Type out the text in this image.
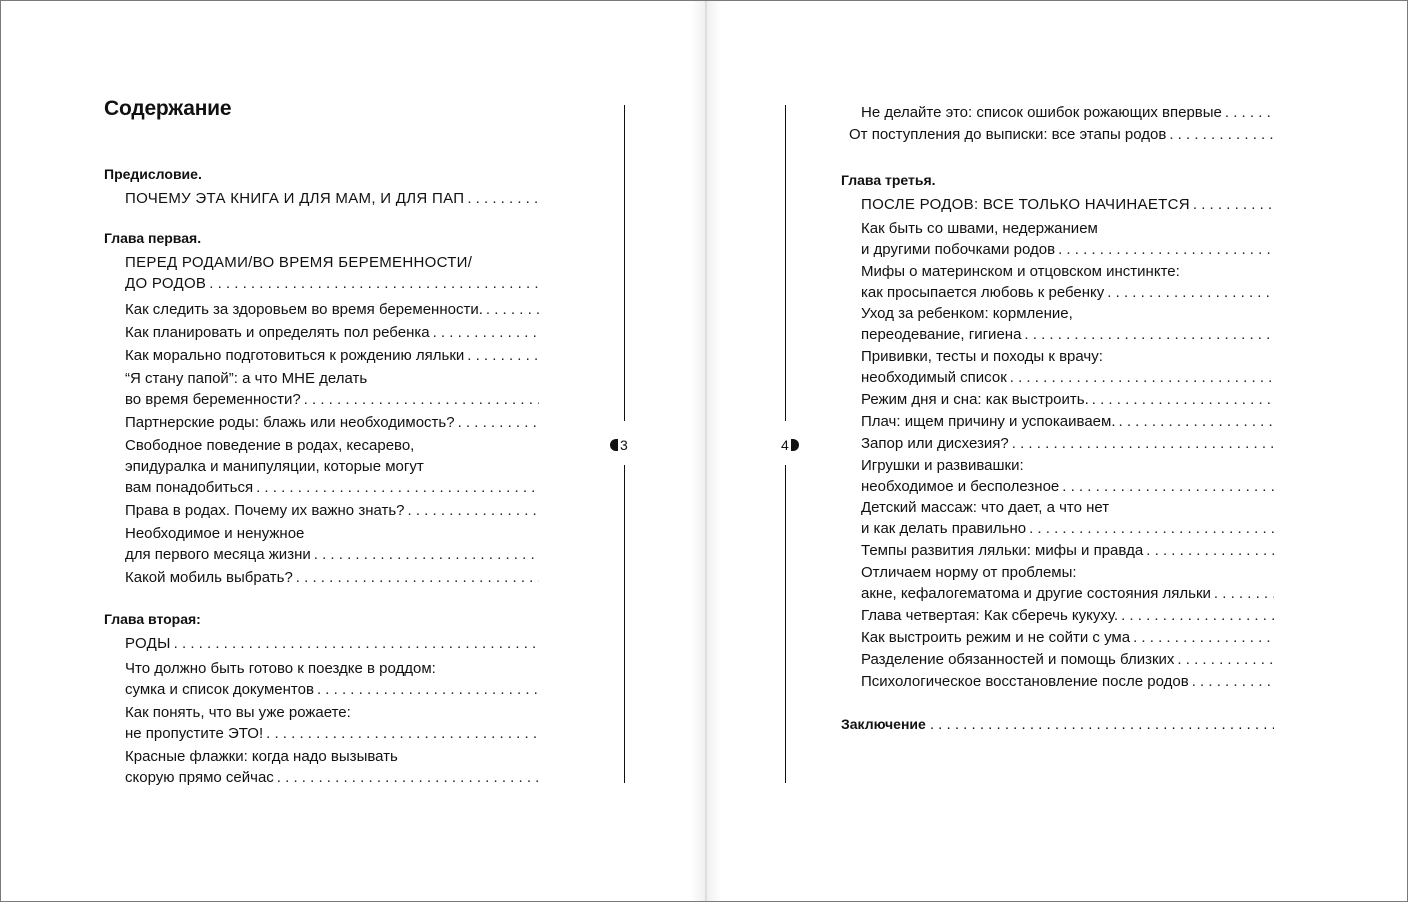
Содержание
Предисловие.
ПОЧЕМУ ЭТА КНИГА И ДЛЯ МАМ, И ДЛЯ ПАП
. . .
Глава первая.
ПЕРЕД РОДАМИ/ВО ВРЕМЯ БЕРЕМЕННОСТИ/
ДО РОДОВ
. . .
Как следить за здоровьем во время беременности.
. . .
Как планировать и определять пол ребенка
. . .
Как морально подготовиться к рождению ляльки
. . .
“Я стану папой”: а что МНЕ делать
во время беременности?
. . .
Партнерские роды: блажь или необходимость?
. . .
Свободное поведение в родах, кесарево,
эпидуралка и манипуляции, которые могут
вам понадобиться
. . .
Права в родах. Почему их важно знать?
. . .
Необходимое и ненужное
для первого месяца жизни
. . .
Какой мобиль выбрать?
. . .
Глава вторая:
РОДЫ
. . .
Что должно быть готово к поездке в роддом:
сумка и список документов
. . .
Как понять, что вы уже рожаете:
не пропустите ЭТО!
. . .
Красные флажки: когда надо вызывать
скорую прямо сейчас
. . .
3	4
Не делайте это: список ошибок рожающих впервые
. . .
От поступления до выписки: все этапы родов
. . .
Глава третья.
ПОСЛЕ РОДОВ: ВСЕ ТОЛЬКО НАЧИНАЕТСЯ
. . .
Как быть со швами, недержанием
и другими побочками родов
. . .
Мифы о материнском и отцовском инстинкте:
как просыпается любовь к ребенку
. . .
Уход за ребенком: кормление,
переодевание, гигиена
. . .
Прививки, тесты и походы к врачу:
необходимый список
. . .
Режим дня и сна: как выстроить.
. . .
Плач: ищем причину и успокаиваем.
. . .
Запор или дисхезия?
. . .
Игрушки и развивашки:
необходимое и бесполезное
. . .
Детский массаж: что дает, а что нет
и как делать правильно
. . .
Темпы развития ляльки: мифы и правда
. . .
Отличаем норму от проблемы:
акне, кефалогематома и другие состояния ляльки
. . .
Глава четвертая: Как сберечь кукуху.
. . .
Как выстроить режим и не сойти с ума
. . .
Разделение обязанностей и помощь близких
. . .
Психологическое восстановление после родов
. . .
Заключение
. . .
